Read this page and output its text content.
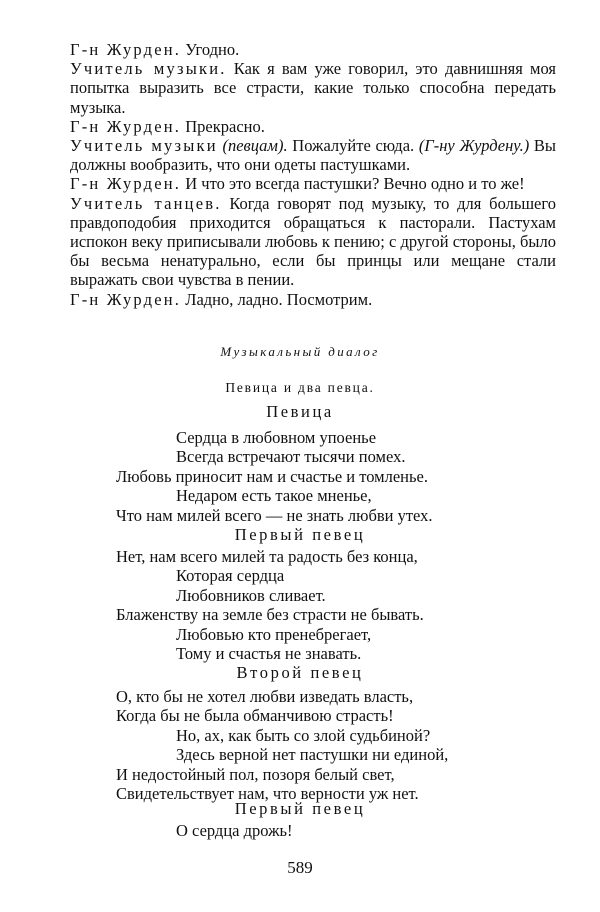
Г-н Журден. Угодно.

Учитель музыки. Как я вам уже говорил, это давнишняя моя попытка выразить все страсти, какие только способна передать музыка.

Г-н Журден. Прекрасно.

Учитель музыки (певцам). Пожалуйте сюда. (Г-ну Журдену.) Вы должны вообразить, что они одеты пастушками.

Г-н Журден. И что это всегда пастушки? Вечно одно и то же!

Учитель танцев. Когда говорят под музыку, то для большего правдоподобия приходится обращаться к пасторали. Пастухам испокон веку приписывали любовь к пению; с другой стороны, было бы весьма ненатурально, если бы принцы или мещане стали выражать свои чувства в пении.

Г-н Журден. Ладно, ладно. Посмотрим.

Музыкальный диалог
Певица и два певца.
Певица
Сердца в любовном упоенье
Всегда встречают тысячи помех.
Любовь приносит нам и счастье и томленье.
Недаром есть такое мненье,
Что нам милей всего — не знать любви утех.
Первый певец
Нет, нам всего милей та радость без конца,
Которая сердца
Любовников сливает.
Блаженству на земле без страсти не бывать.
Любовью кто пренебрегает,
Тому и счастья не знавать.
Второй певец
О, кто бы не хотел любви изведать власть,
Когда бы не была обманчивою страсть!
Но, ах, как быть со злой судьбиной?
Здесь верной нет пастушки ни единой,
И недостойный пол, позоря белый свет,
Свидетельствует нам, что верности уж нет.
Первый певец
О сердца дрожь!
589
